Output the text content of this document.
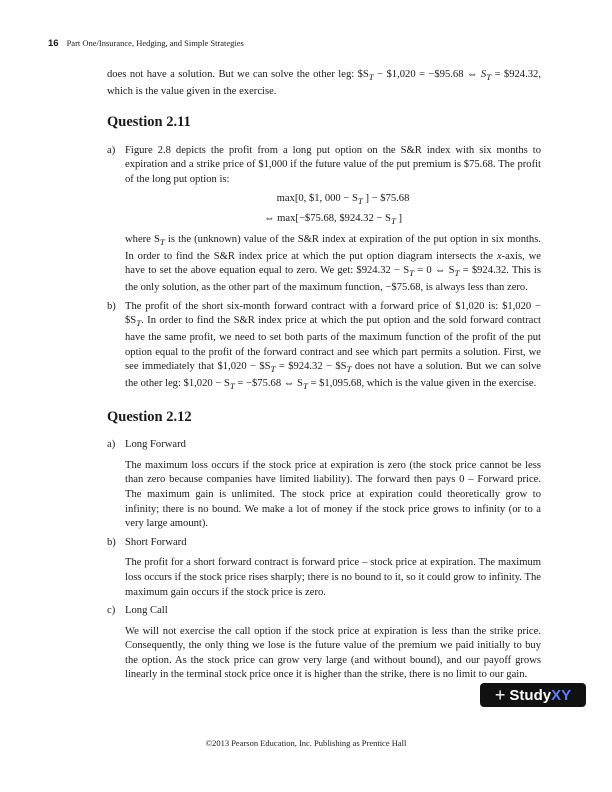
16 Part One/Insurance, Hedging, and Simple Strategies

does not have a solution. But we can solve the other leg: $\$S_T$ − $1,020 = −$95.68 ⇔ $S_T$ = $924.32, which is the value given in the exercise.

Question 2.11
a) Figure 2.8 depicts the profit from a long put option on the S&R index with six months to expiration and a strike price of $1,000 if the future value of the put premium is $75.68. The profit of the long put option is:

max[0, $1, $000 - S_T$ ] − $75.68

⇔ max[−$75.68, $924.32 − $S_T$ ]

where $S_T$ is the (unknown) value of the S&R index at expiration of the put option in six months. In order to find the S&R index price at which the put option diagram intersects the x-axis, we have to set the above equation equal to zero. We get: $924.32 − $S_T = 0$ ⇔ $S_T$ = $924.32. This is the only solution, as the other part of the maximum function, −$75.68, is always less than zero.

b) The profit of the short six-month forward contract with a forward price of $1,020 is: $1,020 − $\$S_T$. In order to find the S&R index price at which the put option and the sold forward contract have the same profit, we need to set both parts of the maximum function of the profit of the put option equal to the profit of the forward contract and see which part permits a solution. First, we see immediately that $1,020 − $\$S_T$ = $924.32 − $\$S_T$ does not have a solution. But we can solve the other leg: $1,020 − $S_T$ = −$75.68 ⇔ $S_T$ = $1,095.68, which is the value given in the exercise.

Question 2.12
a) Long Forward

The maximum loss occurs if the stock price at expiration is zero (the stock price cannot be less than zero because companies have limited liability). The forward then pays 0 – Forward price. The maximum gain is unlimited. The stock price at expiration could theoretically grow to infinity; there is no bound. We make a lot of money if the stock price grows to infinity (or to a very large amount).

b) Short Forward

The profit for a short forward contract is forward price – stock price at expiration. The maximum loss occurs if the stock price rises sharply; there is no bound to it, so it could grow to infinity. The maximum gain occurs if the stock price is zero.

c) Long Call

We will not exercise the call option if the stock price at expiration is less than the strike price. Consequently, the only thing we lose is the future value of the premium we paid initially to buy the option. As the stock price can grow very large (and without bound), and our payoff grows linearly in the terminal stock price once it is higher than the strike, there is no limit to our gain.

+ Study XY
©2013 Pearson Education, Inc. Publishing as Prentice Hall
